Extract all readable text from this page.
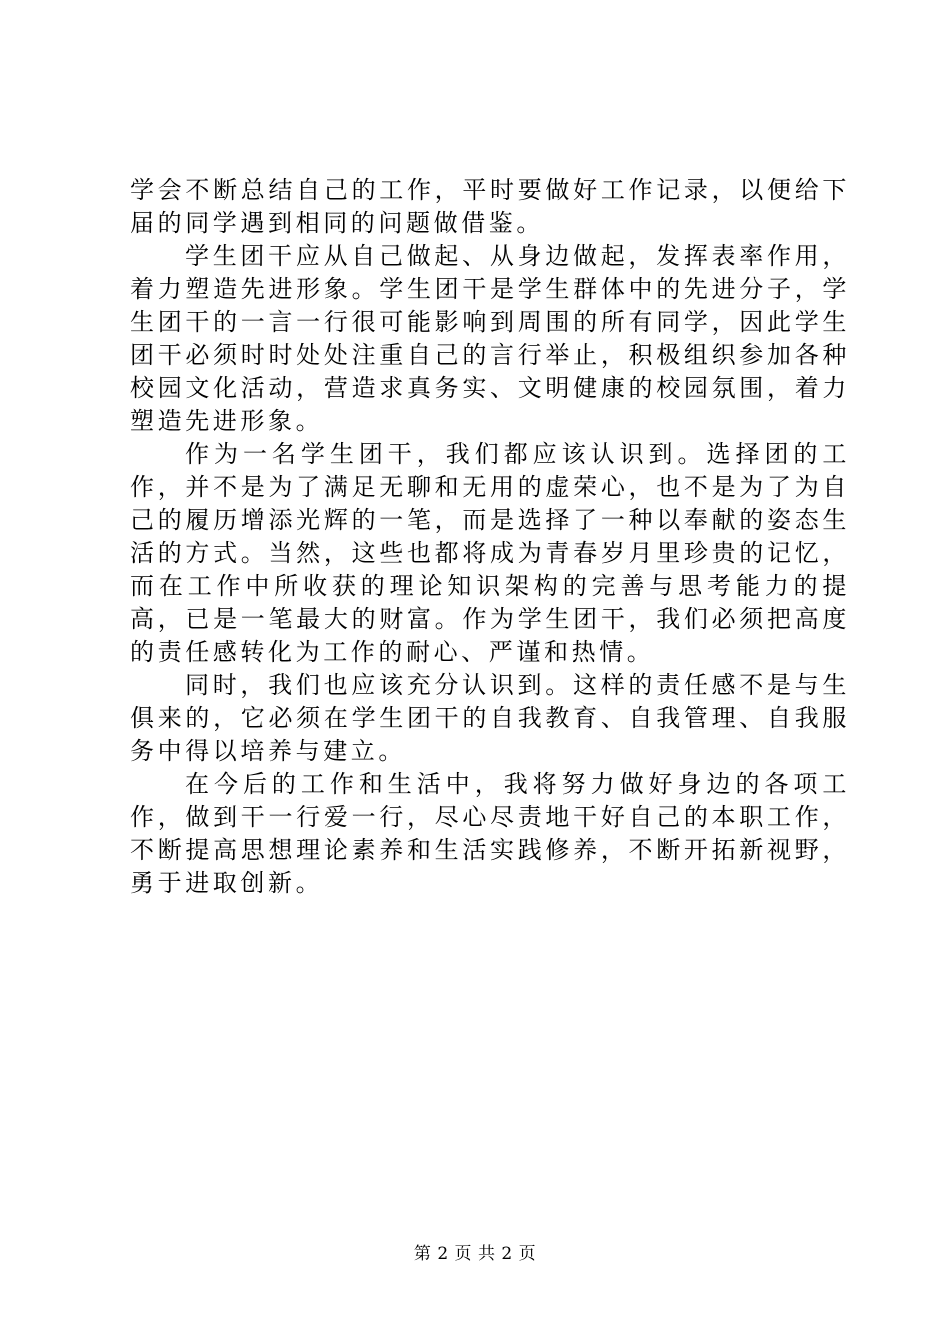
学会不断总结自己的工作，平时要做好工作记录，以便给下届的同学遇到相同的问题做借鉴。

学生团干应从自己做起、从身边做起，发挥表率作用，着力塑造先进形象。学生团干是学生群体中的先进分子，学生团干的一言一行很可能影响到周围的所有同学，因此学生团干必须时时处处注重自己的言行举止，积极组织参加各种校园文化活动，营造求真务实、文明健康的校园氛围，着力塑造先进形象。

作为一名学生团干，我们都应该认识到。选择团的工作，并不是为了满足无聊和无用的虚荣心，也不是为了为自己的履历增添光辉的一笔，而是选择了一种以奉献的姿态生活的方式。当然，这些也都将成为青春岁月里珍贵的记忆，而在工作中所收获的理论知识架构的完善与思考能力的提高，已是一笔最大的财富。作为学生团干，我们必须把高度的责任感转化为工作的耐心、严谨和热情。

同时，我们也应该充分认识到。这样的责任感不是与生俱来的，它必须在学生团干的自我教育、自我管理、自我服务中得以培养与建立。

在今后的工作和生活中，我将努力做好身边的各项工作，做到干一行爱一行，尽心尽责地干好自己的本职工作，不断提高思想理论素养和生活实践修养，不断开拓新视野，勇于进取创新。

第 2 页 共 2 页
